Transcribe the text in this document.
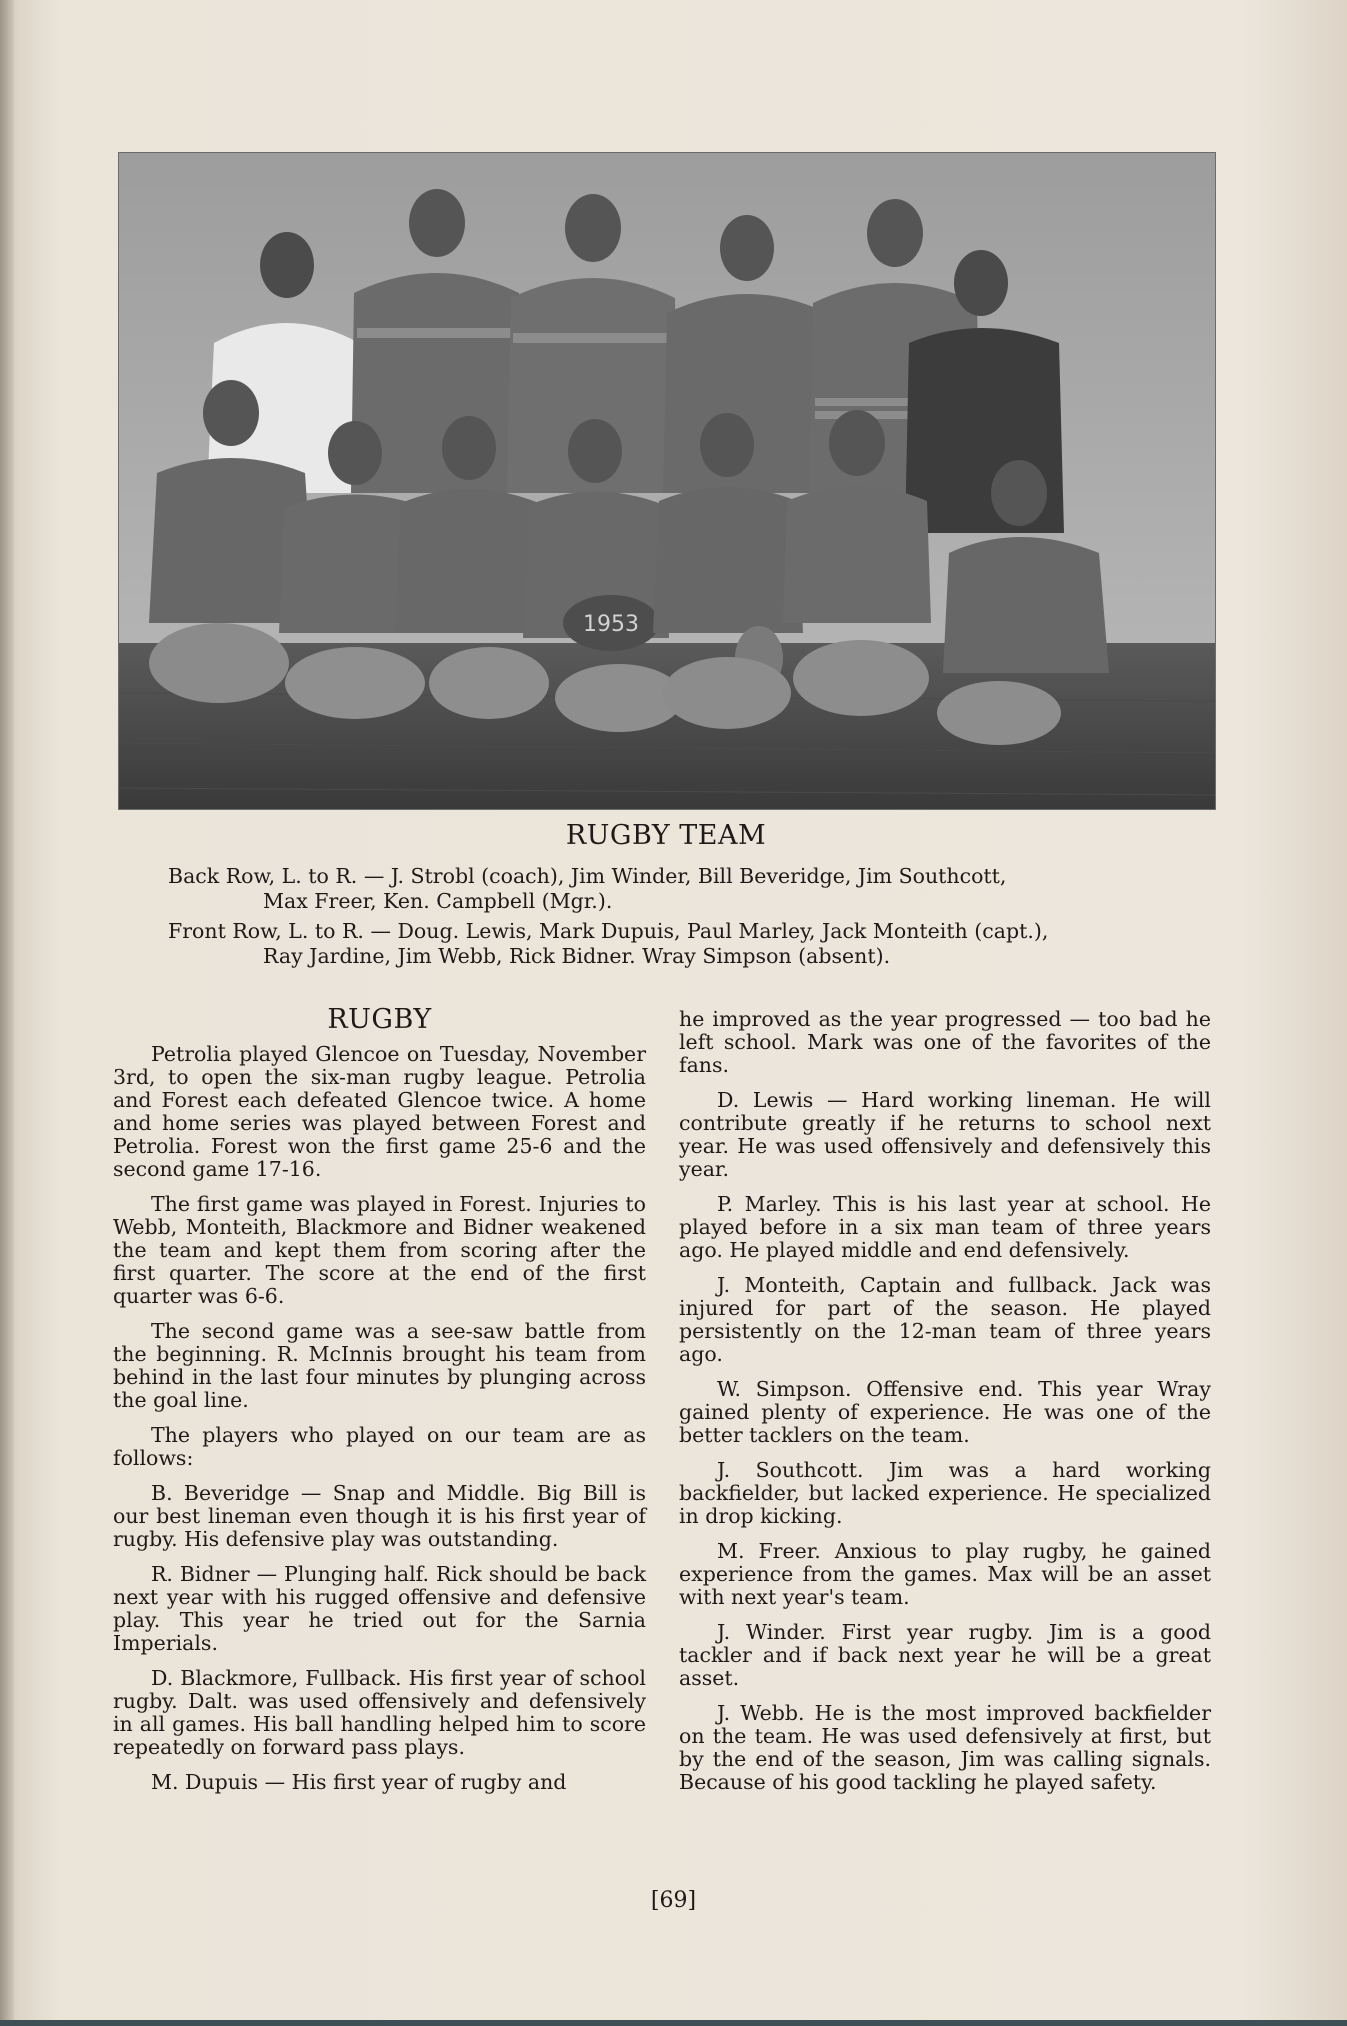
1953
RUGBY TEAM
Back Row, L. to R. — J. Strobl (coach), Jim Winder, Bill Beveridge, Jim Southcott,
Max Freer, Ken. Campbell (Mgr.).
Front Row, L. to R. — Doug. Lewis, Mark Dupuis, Paul Marley, Jack Monteith (capt.),
Ray Jardine, Jim Webb, Rick Bidner. Wray Simpson (absent).

RUGBY

Petrolia played Glencoe on Tuesday, November 3rd, to open the six-man rugby league. Petrolia and Forest each defeated Glencoe twice. A home and home series was played between Forest and Petrolia. Forest won the first game 25-6 and the second game 17-16.

The first game was played in Forest. Injuries to Webb, Monteith, Blackmore and Bidner weakened the team and kept them from scoring after the first quarter. The score at the end of the first quarter was 6-6.

The second game was a see-saw battle from the beginning. R. McInnis brought his team from behind in the last four minutes by plunging across the goal line.

The players who played on our team are as follows:

B. Beveridge — Snap and Middle. Big Bill is our best lineman even though it is his first year of rugby. His defensive play was outstanding.

R. Bidner — Plunging half. Rick should be back next year with his rugged offensive and defensive play. This year he tried out for the Sarnia Imperials.

D. Blackmore, Fullback. His first year of school rugby. Dalt. was used offensively and defensively in all games. His ball handling helped him to score repeatedly on forward pass plays.

M. Dupuis — His first year of rugby and

he improved as the year progressed — too bad he left school. Mark was one of the favorites of the fans.

D. Lewis — Hard working lineman. He will contribute greatly if he returns to school next year. He was used offensively and defensively this year.

P. Marley. This is his last year at school. He played before in a six man team of three years ago. He played middle and end defensively.

J. Monteith, Captain and fullback. Jack was injured for part of the season. He played persistently on the 12-man team of three years ago.

W. Simpson. Offensive end. This year Wray gained plenty of experience. He was one of the better tacklers on the team.

J. Southcott. Jim was a hard working backfielder, but lacked experience. He specialized in drop kicking.

M. Freer. Anxious to play rugby, he gained experience from the games. Max will be an asset with next year's team.

J. Winder. First year rugby. Jim is a good tackler and if back next year he will be a great asset.

J. Webb. He is the most improved backfielder on the team. He was used defensively at first, but by the end of the season, Jim was calling signals. Because of his good tackling he played safety.

[69]
